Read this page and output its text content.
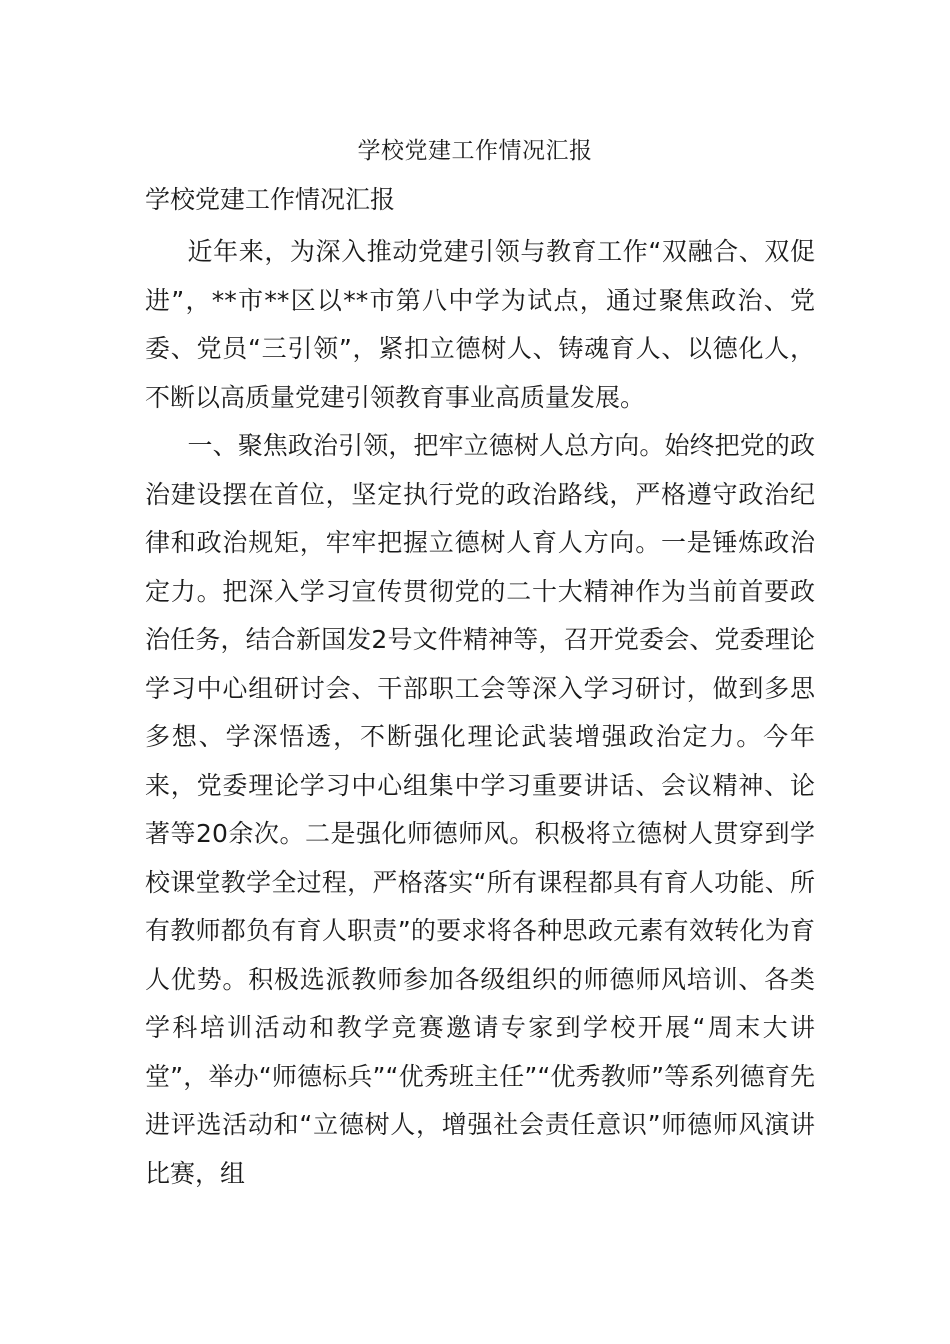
学校党建工作情况汇报
学校党建工作情况汇报

近年来，为深入推动党建引领与教育工作“双融合、双促进”，**市**区以**市第八中学为试点，通过聚焦政治、党委、党员“三引领”，紧扣立德树人、铸魂育人、以德化人，不断以高质量党建引领教育事业高质量发展。

一、聚焦政治引领，把牢立德树人总方向。始终把党的政治建设摆在首位，坚定执行党的政治路线，严格遵守政治纪律和政治规矩，牢牢把握立德树人育人方向。一是锤炼政治定力。把深入学习宣传贯彻党的二十大精神作为当前首要政治任务，结合新国发2号文件精神等，召开党委会、党委理论学习中心组研讨会、干部职工会等深入学习研讨，做到多思多想、学深悟透，不断强化理论武装增强政治定力。今年来，党委理论学习中心组集中学习重要讲话、会议精神、论著等20余次。二是强化师德师风。积极将立德树人贯穿到学校课堂教学全过程，严格落实“所有课程都具有育人功能、所有教师都负有育人职责”的要求将各种思政元素有效转化为育人优势。积极选派教师参加各级组织的师德师风培训、各类学科培训活动和教学竞赛邀请专家到学校开展“周末大讲堂”，举办“师德标兵”“优秀班主任”“优秀教师”等系列德育先进评选活动和“立德树人，增强社会责任意识”师德师风演讲比赛，组
